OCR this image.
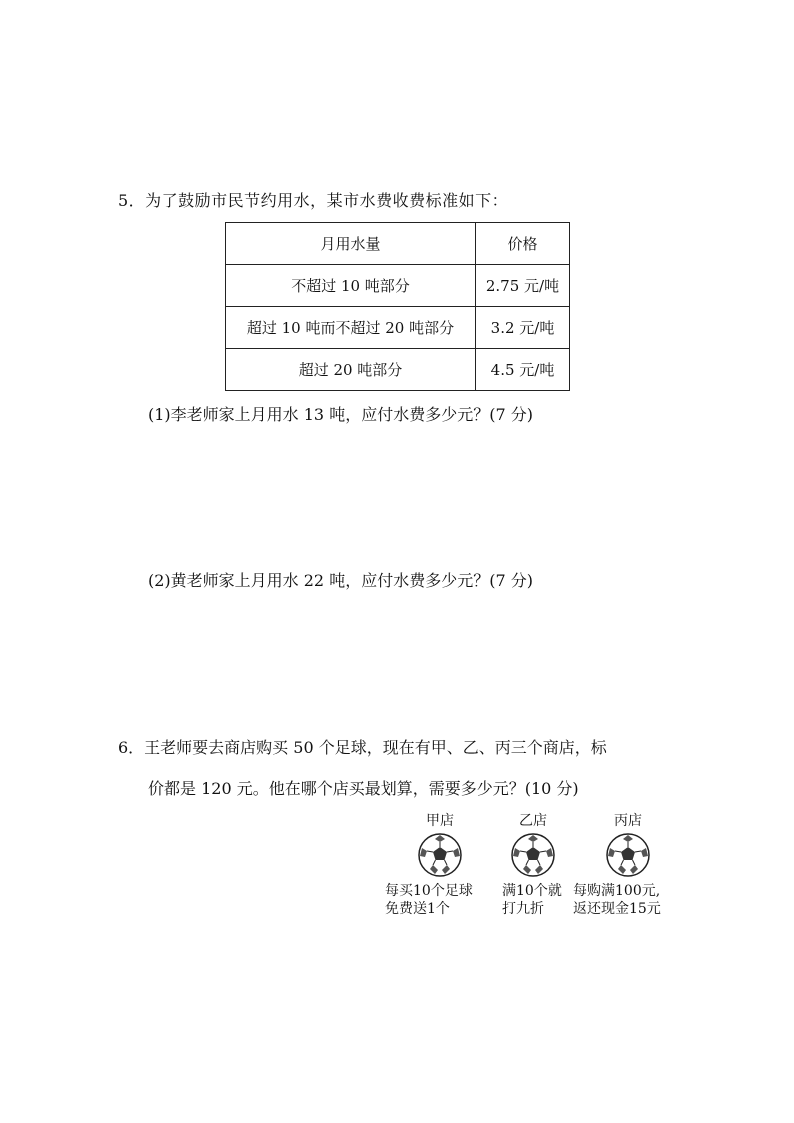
5．为了鼓励市民节约用水，某市水费收费标准如下：
月用水量	价格
不超过 10 吨部分	2.75 元/吨
超过 10 吨而不超过 20 吨部分	3.2 元/吨
超过 20 吨部分	4.5 元/吨
(1)李老师家上月用水 13 吨，应付水费多少元？(7 分)
(2)黄老师家上月用水 22 吨，应付水费多少元？(7 分)
6．王老师要去商店购买 50 个足球，现在有甲、乙、丙三个商店，标
价都是 120 元。他在哪个店买最划算，需要多少元？(10 分)
甲店
每买10个足球
免费送1个
乙店
满10个就
打九折
丙店
每购满100元,
返还现金15元
